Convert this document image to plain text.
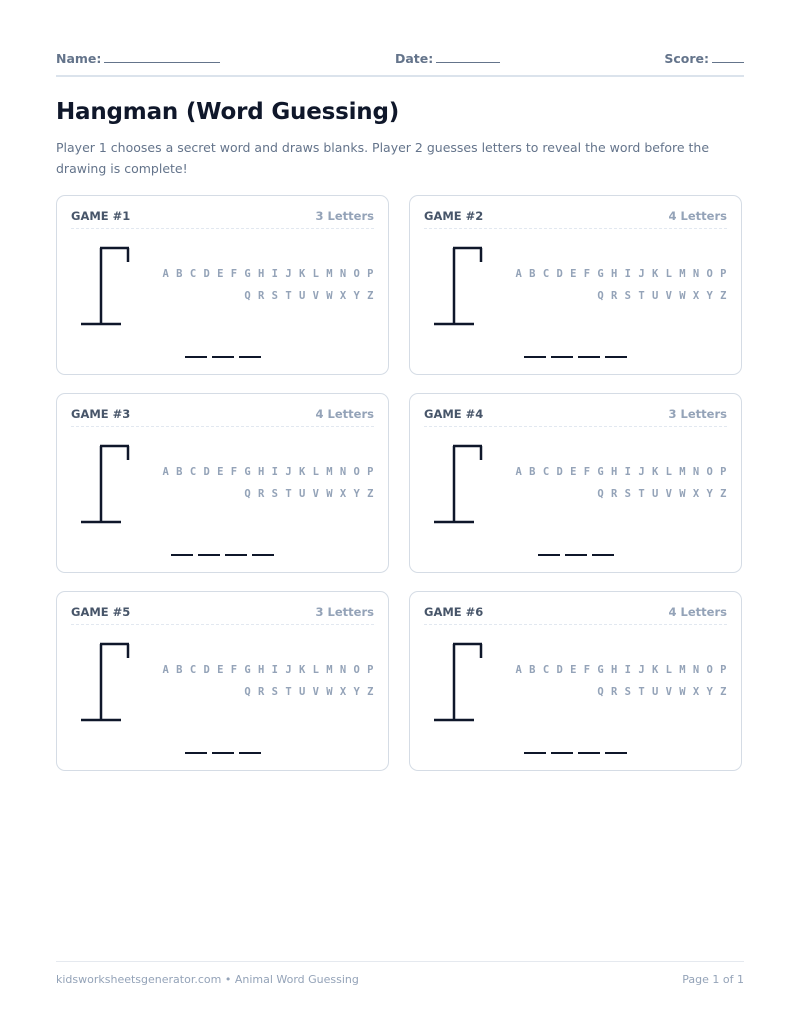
Name:	Date:	Score:
Hangman (Word Guessing)
Player 1 chooses a secret word and draws blanks. Player 2 guesses letters to reveal the word before the drawing is complete!
GAME #1	3 Letters
A B C D E F G H I J K L M N O P
Q R S T U V W X Y Z
GAME #2	4 Letters
A B C D E F G H I J K L M N O P
Q R S T U V W X Y Z
GAME #3	4 Letters
A B C D E F G H I J K L M N O P
Q R S T U V W X Y Z
GAME #4	3 Letters
A B C D E F G H I J K L M N O P
Q R S T U V W X Y Z
GAME #5	3 Letters
A B C D E F G H I J K L M N O P
Q R S T U V W X Y Z
GAME #6	4 Letters
A B C D E F G H I J K L M N O P
Q R S T U V W X Y Z
kidsworksheetsgenerator.com • Animal Word Guessing	Page 1 of 1
